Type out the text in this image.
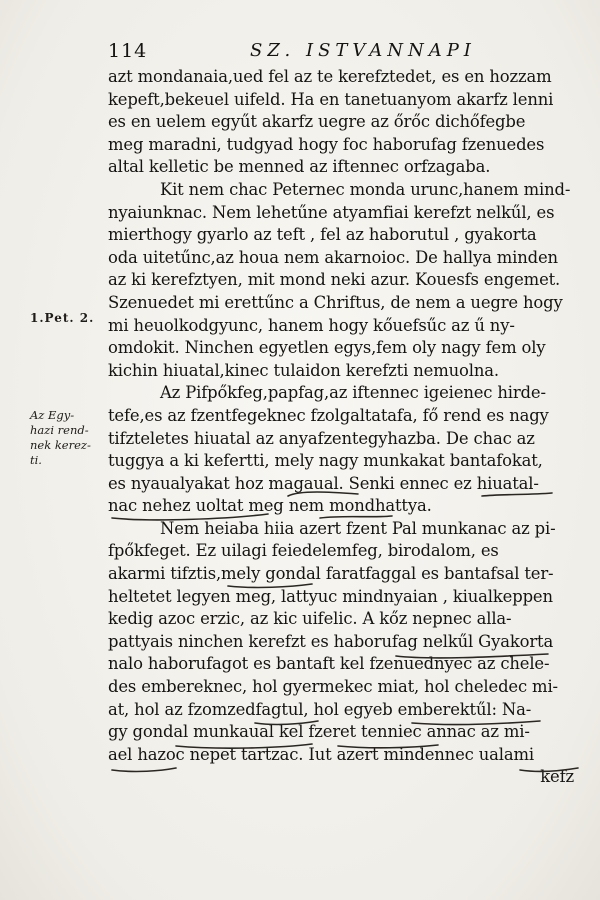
114	SZ. ISTVANNAPI
1.Pet. 2.
Az Egy-
hazi rend-
nek kerez-
ti.
azt mondanaia,ued fel az te kerefztedet, es en hozzam
kepeft,bekeuel uifeld. Ha en tanetuanyom akarfz lenni
es en uelem egyűt akarfz uegre az őrőc dichőfegbe
meg maradni, tudgyad hogy foc haborufag fzenuedes
altal kelletic be menned az iftennec orfzagaba.
Kit nem chac Peternec monda urunc,hanem mind-
nyaiunknac. Nem lehetűne atyamfiai kerefzt nelkűl, es
mierthogy gyarlo az teft , fel az haborutul , gyakorta
oda uitetűnc,az houa nem akarnoioc. De hallya minden
az ki kerefztyen, mit mond neki azur. Kouesfs engemet.
Szenuedet mi erettűnc a Chriftus, de nem a uegre hogy
mi heuolkodgyunc, hanem hogy kőuefsűc az ű ny-
omdokit. Ninchen egyetlen egys,fem oly nagy fem oly
kichin hiuatal,kinec tulaidon kerefzti nemuolna.
Az Pifpőkfeg,papfag,az iftennec igeienec hirde-
tefe,es az fzentfegeknec fzolgaltatafa, fő rend es nagy
tifzteletes hiuatal az anyafzentegyhazba. De chac az
tuggya a ki kefertti, mely nagy munkakat bantafokat,
es nyaualyakat hoz magaual. Senki ennec ez hiuatal-
nac nehez uoltat meg nem mondhattya.
Nem heiaba hiia azert fzent Pal munkanac az pi-
fpőkfeget. Ez uilagi feiedelemfeg, birodalom, es
akarmi tifztis,mely gondal faratfaggal es bantafsal ter-
heltetet legyen meg, lattyuc mindnyaian , kiualkeppen
kedig azoc erzic, az kic uifelic. A kőz nepnec alla-
pattyais ninchen kerefzt es haborufag nelkűl Gyakorta
nalo haborufagot es bantaft kel fzenuednyec az chele-
des embereknec, hol gyermekec miat, hol cheledec mi-
at, hol az fzomzedfagtul, hol egyeb emberektűl: Na-
gy gondal munkaual kel fzeret tenniec annac az mi-
ael hazoc nepet tartzac. Iut azert mindennec ualami
kefz
